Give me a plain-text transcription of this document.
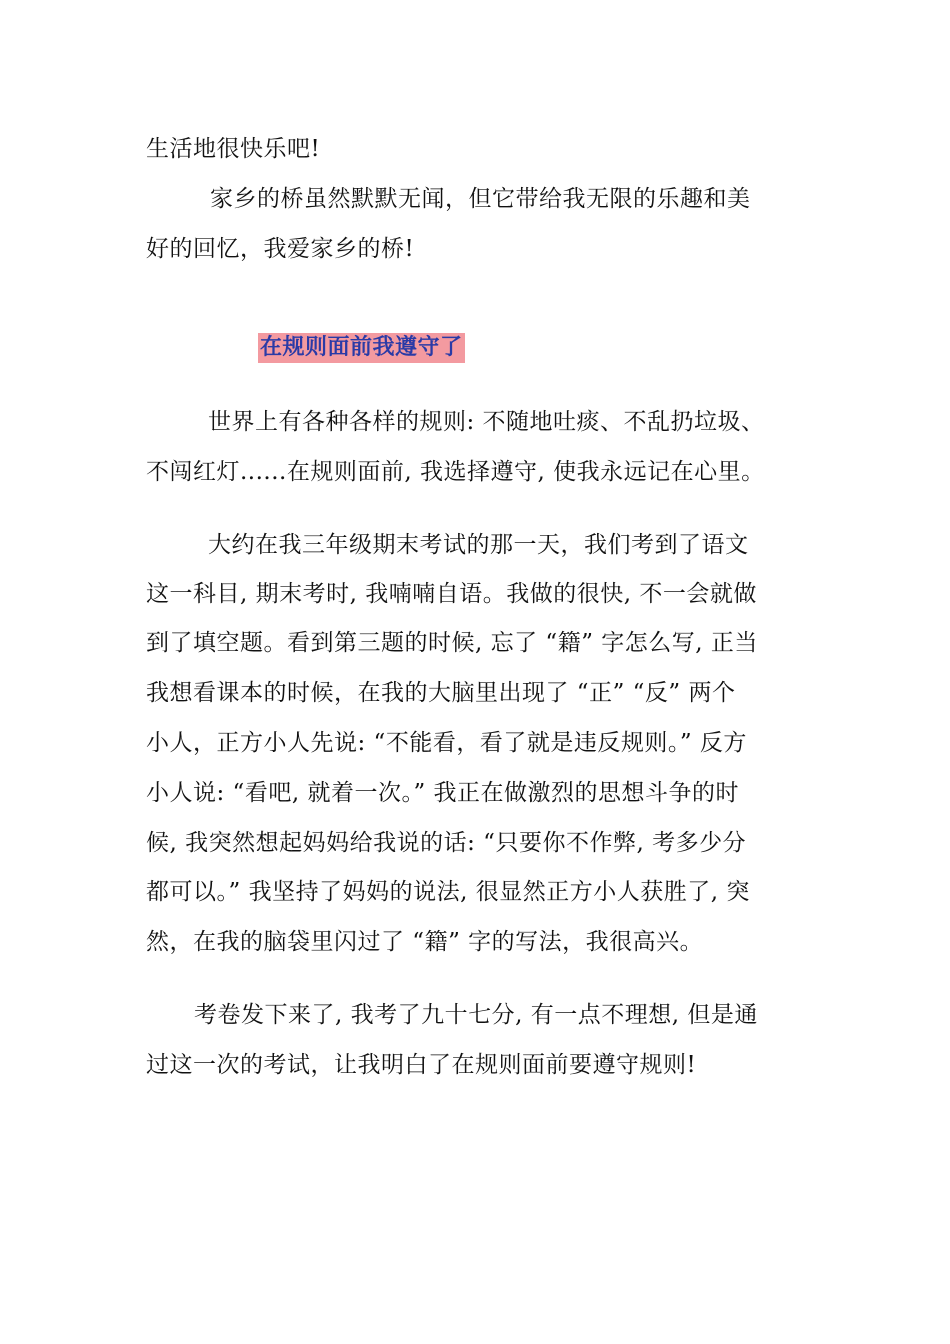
生活地很快乐吧!
家乡的桥虽然默默无闻，但它带给我无限的乐趣和美
好的回忆，我爱家乡的桥!
在规则面前我遵守了
世界上有各种各样的规则: 不随地吐痰、不乱扔垃圾、
不闯红灯......在规则面前, 我选择遵守, 使我永远记在心里。
大约在我三年级期末考试的那一天，我们考到了语文
这一科目, 期末考时, 我喃喃自语。我做的很快, 不一会就做
到了填空题。看到第三题的时候, 忘了 “籍” 字怎么写, 正当
我想看课本的时候，在我的大脑里出现了 “正” “反” 两个
小人，正方小人先说: “不能看，看了就是违反规则。” 反方
小人说: “看吧, 就着一次。” 我正在做激烈的思想斗争的时
候, 我突然想起妈妈给我说的话: “只要你不作弊, 考多少分
都可以。” 我坚持了妈妈的说法, 很显然正方小人获胜了, 突
然，在我的脑袋里闪过了 “籍” 字的写法，我很高兴。
考卷发下来了, 我考了九十七分, 有一点不理想, 但是通
过这一次的考试，让我明白了在规则面前要遵守规则!
